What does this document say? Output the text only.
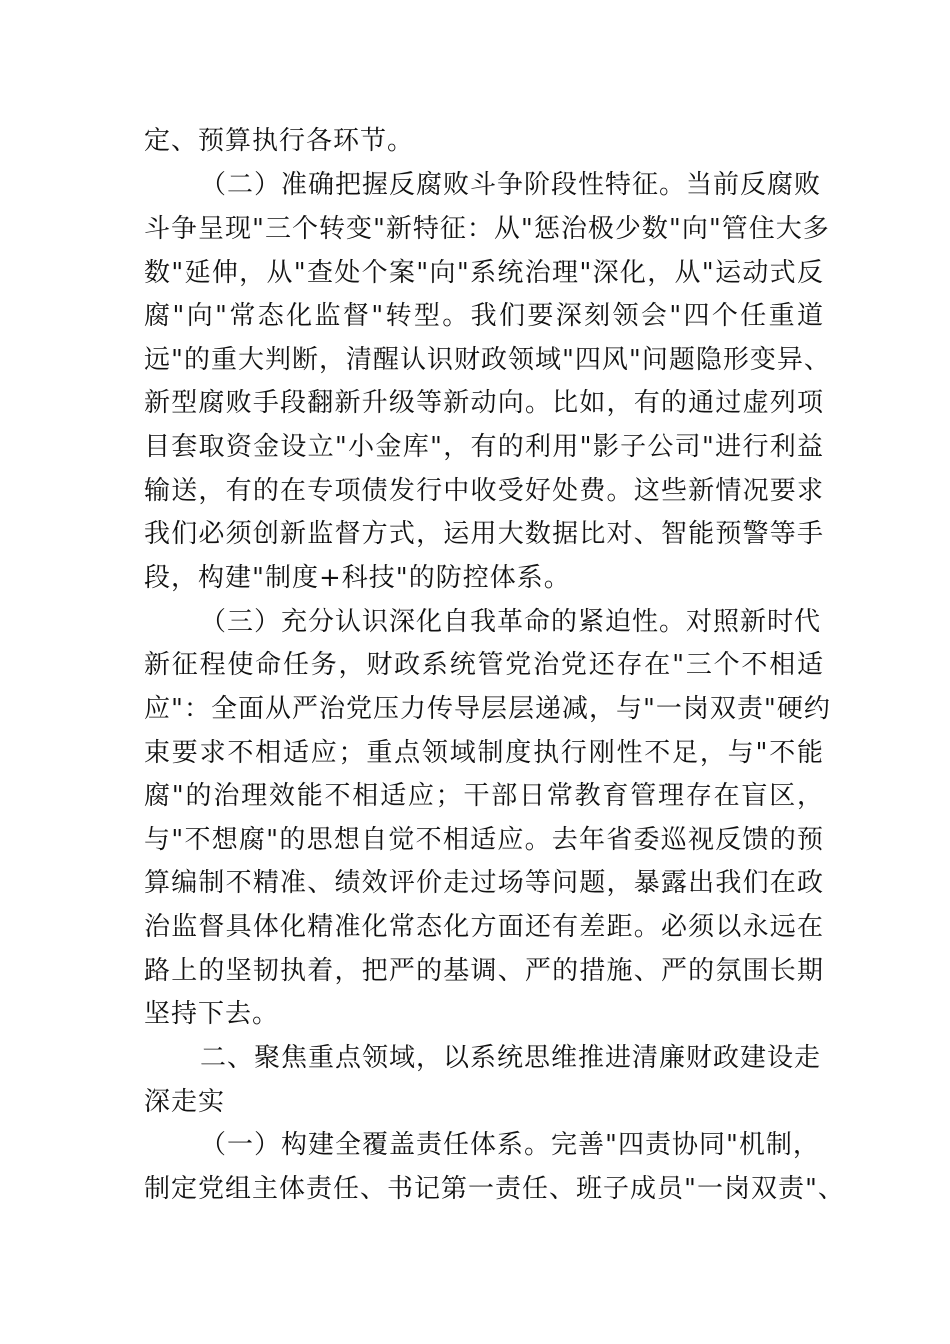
定、预算执行各环节。
（二）准确把握反腐败斗争阶段性特征。当前反腐败
斗争呈现"三个转变"新特征：从"惩治极少数"向"管住大多
数"延伸，从"查处个案"向"系统治理"深化，从"运动式反
腐"向"常态化监督"转型。我们要深刻领会"四个任重道
远"的重大判断，清醒认识财政领域"四风"问题隐形变异、
新型腐败手段翻新升级等新动向。比如，有的通过虚列项
目套取资金设立"小金库"，有的利用"影子公司"进行利益
输送，有的在专项债发行中收受好处费。这些新情况要求
我们必须创新监督方式，运用大数据比对、智能预警等手
段，构建"制度+科技"的防控体系。
（三）充分认识深化自我革命的紧迫性。对照新时代
新征程使命任务，财政系统管党治党还存在"三个不相适
应"：全面从严治党压力传导层层递减，与"一岗双责"硬约
束要求不相适应；重点领域制度执行刚性不足，与"不能
腐"的治理效能不相适应；干部日常教育管理存在盲区，
与"不想腐"的思想自觉不相适应。去年省委巡视反馈的预
算编制不精准、绩效评价走过场等问题，暴露出我们在政
治监督具体化精准化常态化方面还有差距。必须以永远在
路上的坚韧执着，把严的基调、严的措施、严的氛围长期
坚持下去。
二、聚焦重点领域，以系统思维推进清廉财政建设走
深走实
（一）构建全覆盖责任体系。完善"四责协同"机制，
制定党组主体责任、书记第一责任、班子成员"一岗双责"、
